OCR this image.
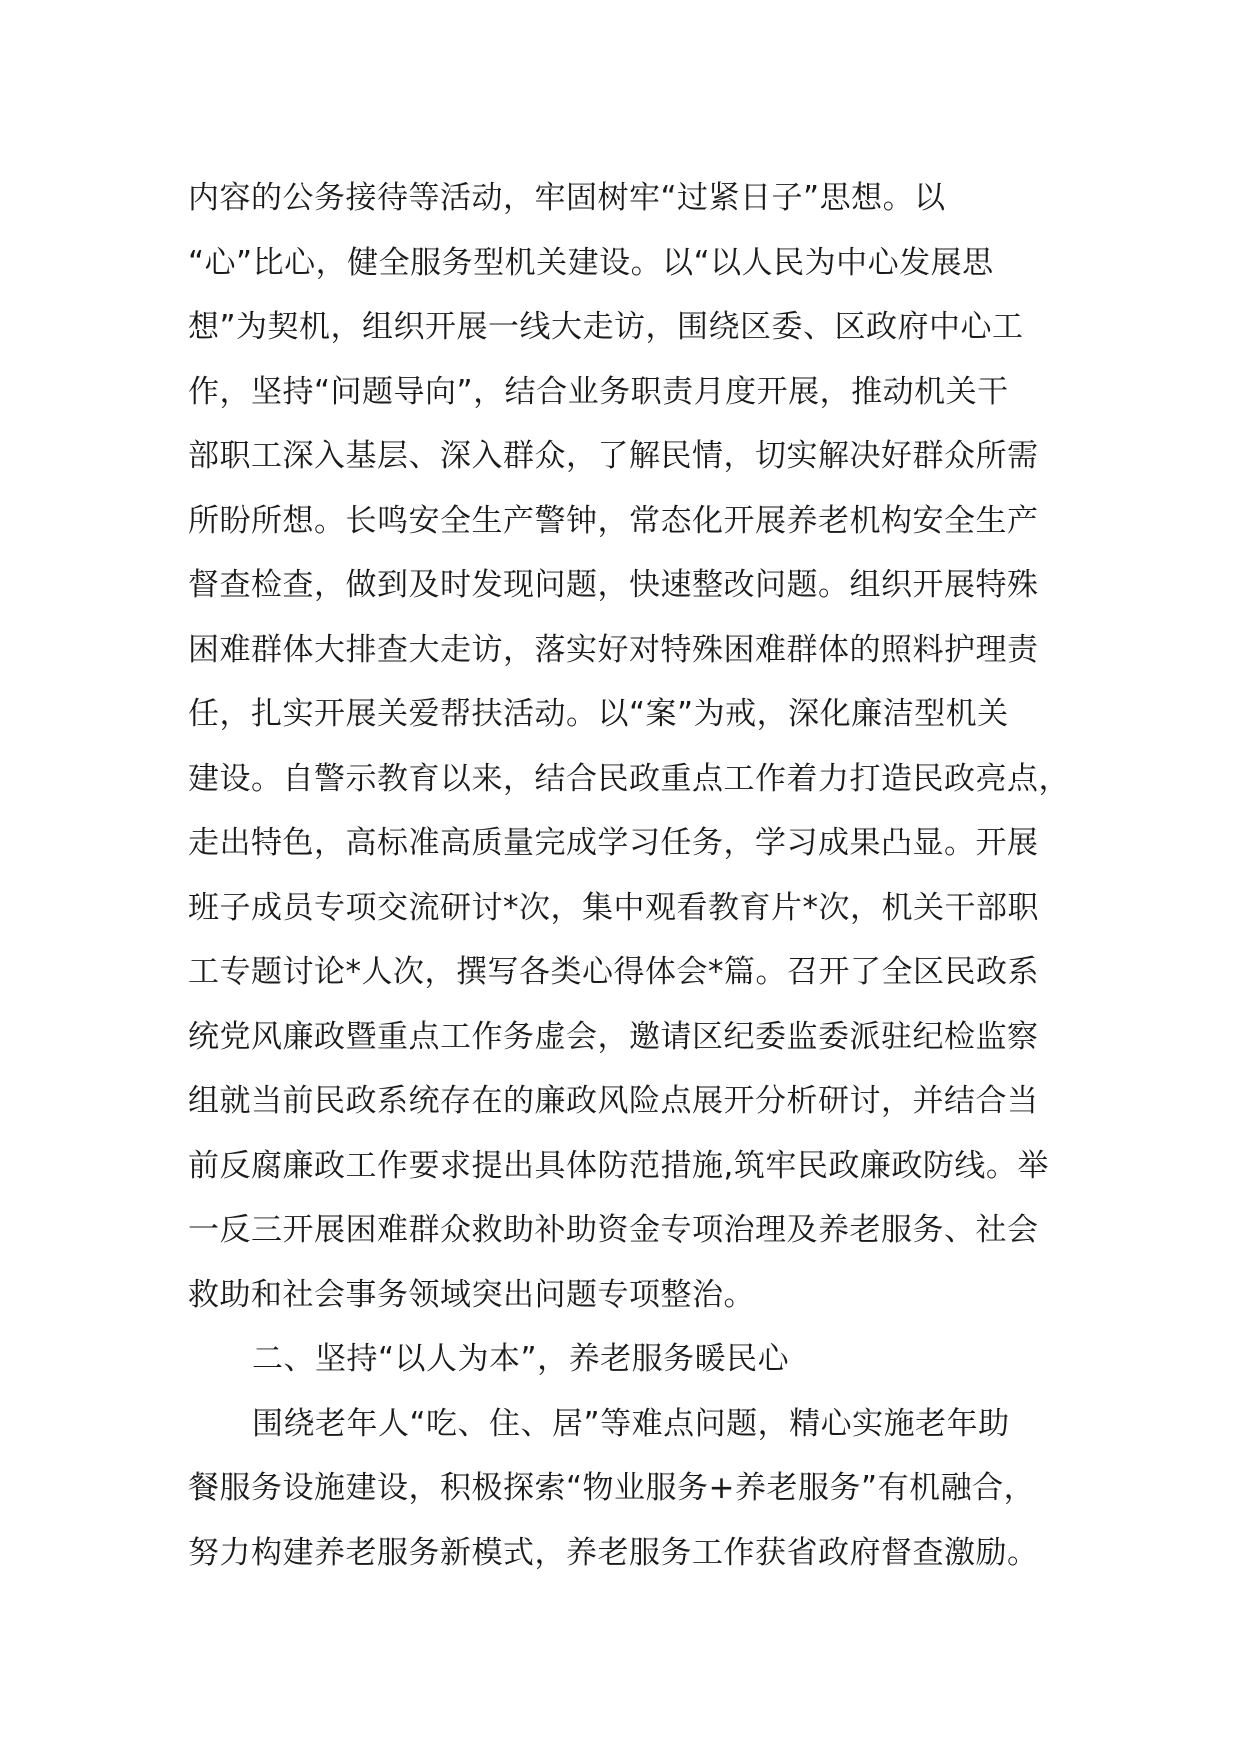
内容的公务接待等活动，牢固树牢“过紧日子”思想。以
“心”比心，健全服务型机关建设。以“以人民为中心发展思
想”为契机，组织开展一线大走访，围绕区委、区政府中心工
作，坚持“问题导向”，结合业务职责月度开展，推动机关干
部职工深入基层、深入群众，了解民情，切实解决好群众所需
所盼所想。长鸣安全生产警钟，常态化开展养老机构安全生产
督查检查，做到及时发现问题，快速整改问题。组织开展特殊
困难群体大排查大走访，落实好对特殊困难群体的照料护理责
任，扎实开展关爱帮扶活动。以“案”为戒，深化廉洁型机关
建设。自警示教育以来，结合民政重点工作着力打造民政亮点，
走出特色，高标准高质量完成学习任务，学习成果凸显。开展
班子成员专项交流研讨*次，集中观看教育片*次，机关干部职
工专题讨论*人次，撰写各类心得体会*篇。召开了全区民政系
统党风廉政暨重点工作务虚会，邀请区纪委监委派驻纪检监察
组就当前民政系统存在的廉政风险点展开分析研讨，并结合当
前反腐廉政工作要求提出具体防范措施,筑牢民政廉政防线。举
一反三开展困难群众救助补助资金专项治理及养老服务、社会
救助和社会事务领域突出问题专项整治。
二、坚持“以人为本”，养老服务暖民心
围绕老年人“吃、住、居”等难点问题，精心实施老年助
餐服务设施建设，积极探索“物业服务+养老服务”有机融合，
努力构建养老服务新模式，养老服务工作获省政府督查激励。
